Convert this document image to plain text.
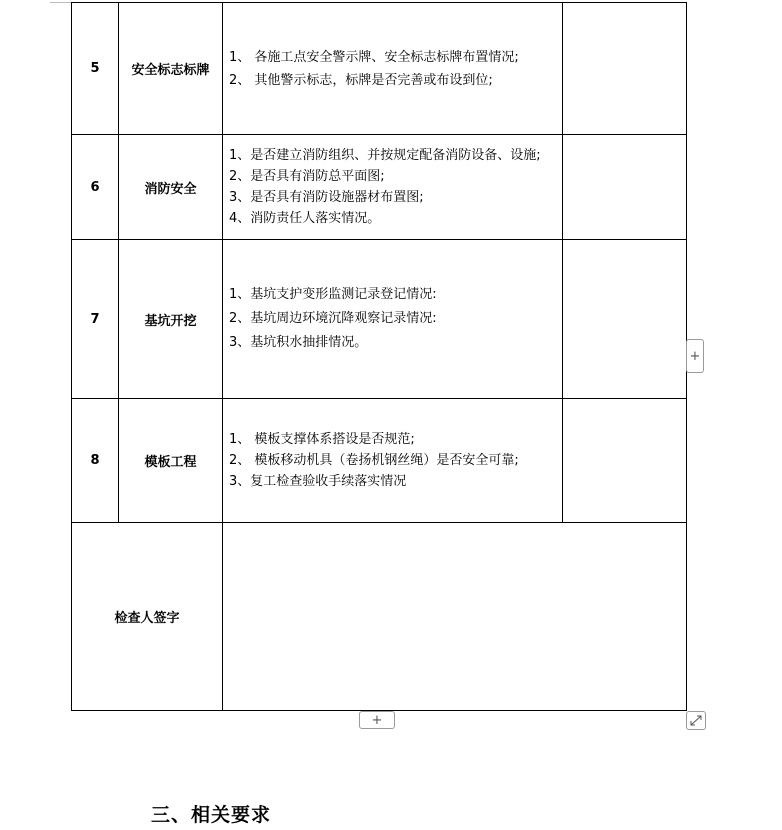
5	安全标志标牌	1、 各施工点安全警示牌、安全标志标牌布置情况;
2、 其他警示标志，标牌是否完善或布设到位;	

6	消防安全	1、是否建立消防组织、并按规定配备消防设备、设施;
2、是否具有消防总平面图;
3、是否具有消防设施器材布置图;
4、消防责任人落实情况。	

7	基坑开挖	1、基坑支护变形监测记录登记情况:
2、基坑周边环境沉降观察记录情况:
3、基坑积水抽排情况。	

8	模板工程	1、 模板支撑体系搭设是否规范;
2、 模板移动机具（卷扬机钢丝绳）是否安全可靠;
3、复工检查验收手续落实情况	

检查人签字			
+
+
三、相关要求
